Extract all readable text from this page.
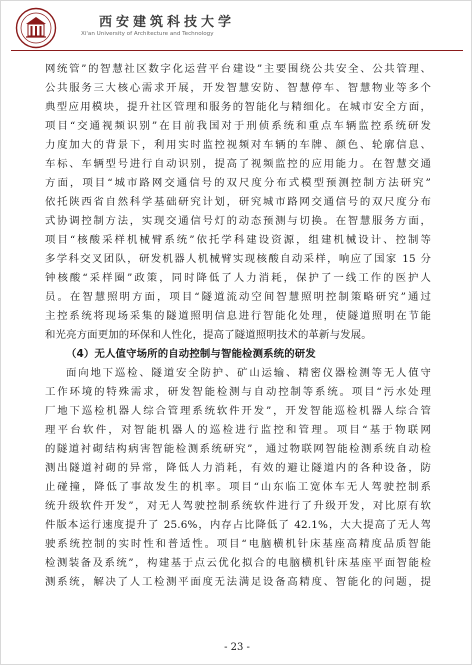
西安建筑科技大学
Xi'an University of Architecture and Technology
网统管”的智慧社区数字化运营平台建设”主要围绕公共安全、公共管理、
公共服务三大核心需求开展，开发智慧安防、智慧停车、智慧物业等多个
典型应用模块，提升社区管理和服务的智能化与精细化。在城市安全方面，
项目“交通视频识别”在目前我国对于刑侦系统和重点车辆监控系统研发
力度加大的背景下，利用实时监控视频对车辆的车牌、颜色、轮廓信息、
车标、车辆型号进行自动识别，提高了视频监控的应用能力。在智慧交通
方面，项目“城市路网交通信号的双尺度分布式模型预测控制方法研究”
依托陕西省自然科学基础研究计划，研究城市路网交通信号的双尺度分布
式协调控制方法，实现交通信号灯的动态预测与切换。在智慧服务方面，
项目“核酸采样机械臂系统”依托学科建设资源，组建机械设计、控制等
多学科交叉团队，研发机器人机械臂实现核酸自动采样，响应了国家 15 分
钟核酸“采样圈”政策，同时降低了人力消耗，保护了一线工作的医护人
员。在智慧照明方面，项目“隧道流动空间智慧照明控制策略研究”通过
主控系统将现场采集的隧道照明信息进行智能化处理，使隧道照明在节能
和光亮方面更加的环保和人性化，提高了隧道照明技术的革新与发展。
（4）无人值守场所的自动控制与智能检测系统的研发
面向地下巡检、隧道安全防护、矿山运输、精密仪器检测等无人值守
工作环境的特殊需求，研发智能检测与自动控制等系统。项目“污水处理
厂地下巡检机器人综合管理系统软件开发”，开发智能巡检机器人综合管
理平台软件，对智能机器人的巡检进行监控和管理。项目“基于物联网
的隧道衬砌结构病害智能检测系统研究”，通过物联网智能检测系统自动检
测出隧道衬砌的异常，降低人力消耗，有效的避让隧道内的各种设备，防
止碰撞，降低了事故发生的机率。项目“山东临工宽体车无人驾驶控制系
统升级软件开发”，对无人驾驶控制系统软件进行了升级开发，对比原有软
件版本运行速度提升了 25.6%，内存占比降低了 42.1%，大大提高了无人驾
驶系统控制的实时性和普适性。项目“电脑横机针床基座高精度品质智能
检测装备及系统”，构建基于点云优化拟合的电脑横机针床基座平面智能检
测系统，解决了人工检测平面度无法满足设备高精度、智能化的问题，提
- 23 -
